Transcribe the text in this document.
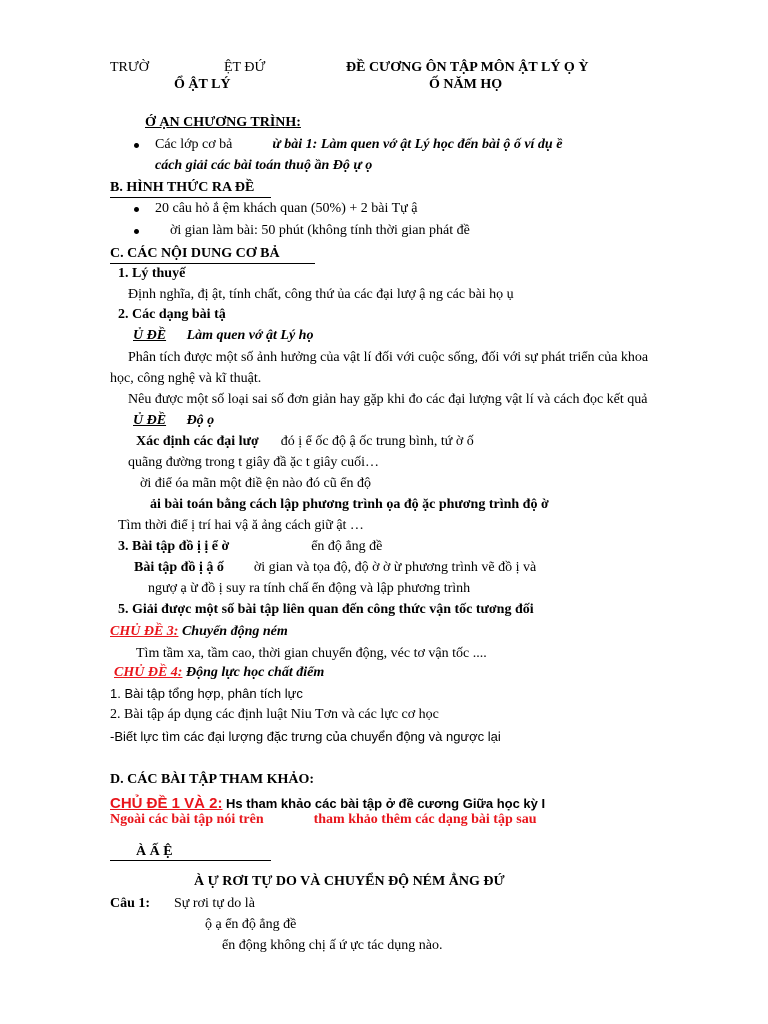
TRƯỜ	ỆT ĐỨ	ĐỀ CƯƠNG ÔN TẬP MÔN ẬT LÝ Ọ Ỳ
Ổ ẬT LÝ	Ố NĂM HỌ
Ớ ẠN CHƯƠNG TRÌNH:
Các lớp cơ bả	ừ bài 1: Làm quen vớ ật Lý học đến bài ộ ố ví dụ ề
cách giải các bài toán thuộ ần Độ ự ọ
B. HÌNH THỨC RA ĐỀ
20 câu hỏ ắ ệm khách quan (50%) + 2 bài Tự ậ
ời gian làm bài: 50 phút (không tính thời gian phát đề
C. CÁC NỘI DUNG CƠ BẢ
1. Lý thuyế
Định nghĩa, đị ật, tính chất, công thứ ủa các đại lượ ậ ng các bài họ ụ
2. Các dạng bài tậ
Ủ ĐỀ Làm quen vớ ật Lý họ
Phân tích được một số ảnh hưởng của vật lí đối với cuộc sống, đối với sự phát triển của khoa
học, công nghệ và kĩ thuật.
Nêu được một số loại sai số đơn giản hay gặp khi đo các đại lượng vật lí và cách đọc kết quả
Ủ ĐỀ Độ ọ
Xác định các đại lượ đó ị ể ốc độ ậ ốc trung bình, tứ ờ ố
quãng đường trong t giây đầ ặc t giây cuối…
ời điể óa mãn một điề ện nào đó cũ ển độ
ải bài toán bằng cách lập phương trình ọa độ ặc phương trình độ ờ
Tìm thời điể ị trí hai vậ ă ảng cách giữ ật …
3. Bài tập đồ ị ị ể ờ	ển độ ẳng đề
Bài tập đồ ị ậ ố ời gian và tọa độ, độ ờ ờ ừ phương trình vẽ đồ ị và
ngượ ạ ừ đồ ị suy ra tính chấ ển động và lập phương trình
5. Giải được một số bài tập liên quan đến công thức vận tốc tương đối
CHỦ ĐỀ 3: Chuyển động ném
Tìm tầm xa, tầm cao, thời gian chuyển động, véc tơ vận tốc ....
CHỦ ĐỀ 4: Động lực học chất điểm
1. Bài tập tổng hợp, phân tích lực
2. Bài tập áp dụng các định luật Niu Tơn và các lực cơ học
-Biết lực tìm các đại lượng đặc trưng của chuyển động và ngược lại
D. CÁC BÀI TẬP THAM KHẢO:
CHỦ ĐỀ 1 VÀ 2: Hs tham khảo các bài tập ở đề cương Giữa học kỳ I
Ngoài các bài tập nói trên	tham khảo thêm các dạng bài tập sau
À Ấ Ệ
À Ự RƠI TỰ DO VÀ CHUYỂN ĐỘ NÉM ẲNG ĐỨ
Câu 1: Sự rơi tự do là
ộ ạ ển độ ẳng đề
ển động không chị ấ ứ ực tác dụng nào.
